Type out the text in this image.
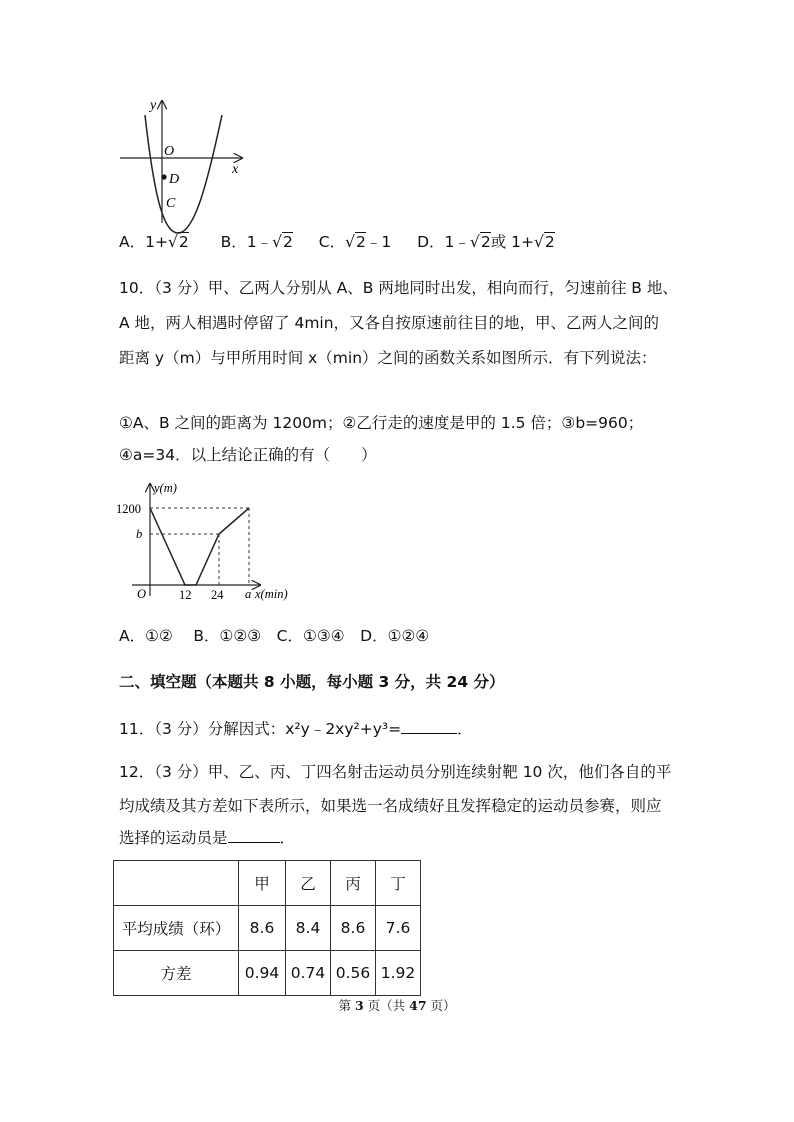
y
x
O
D
C
A．1+√2 B．1﹣√2 C．√2﹣1 D．1﹣√2或 1+√2
10．（3 分）甲、乙两人分别从 A、B 两地同时出发，相向而行，匀速前往 B 地、
A 地，两人相遇时停留了 4min，又各自按原速前往目的地，甲、乙两人之间的
距离 y（m）与甲所用时间 x（min）之间的函数关系如图所示．有下列说法：
①A、B 之间的距离为 1200m；②乙行走的速度是甲的 1.5 倍；③b=960；
④a=34．以上结论正确的有（　　）
y(m)
x(min)
1200
b
O	12 24 a
A．①②　 B．①②③　C．①③④　D．①②④
二、填空题（本题共 8 小题，每小题 3 分，共 24 分）
11．（3 分）分解因式：x²y﹣2xy²+y³=	．
12．（3 分）甲、乙、丙、丁四名射击运动员分别连续射靶 10 次，他们各自的平
均成绩及其方差如下表所示，如果选一名成绩好且发挥稳定的运动员参赛，则应
选择的运动员是	．
	甲	乙	丙	丁
平均成绩（环）	8.6	8.4	8.6	7.6
方差	0.94	0.74	0.56	1.92
第 3 页（共 47 页）
